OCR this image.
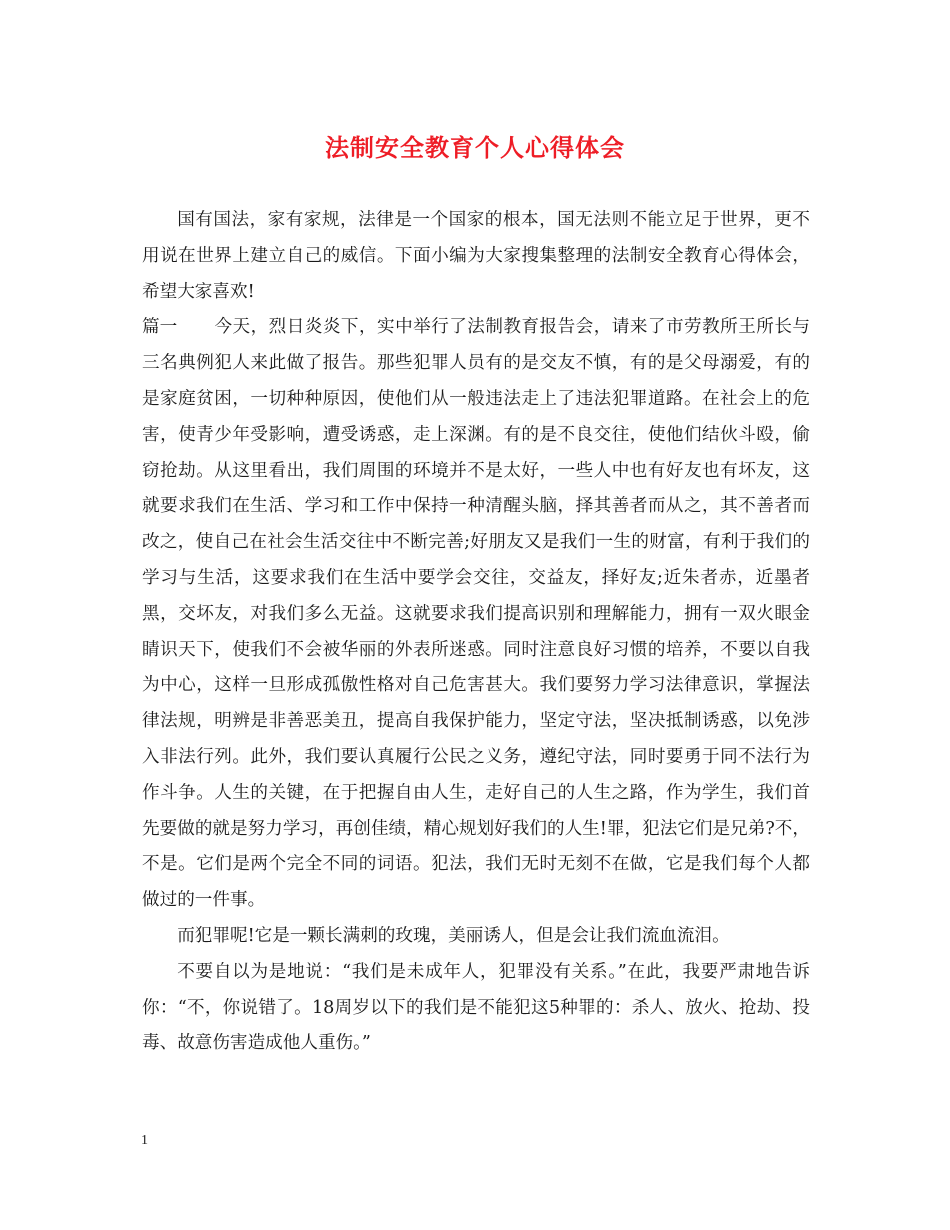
法制安全教育个人心得体会

国有国法，家有家规，法律是一个国家的根本，国无法则不能立足于世界，更不用说在世界上建立自己的威信。下面小编为大家搜集整理的法制安全教育心得体会，希望大家喜欢!

篇一 今天，烈日炎炎下，实中举行了法制教育报告会，请来了市劳教所王所长与三名典例犯人来此做了报告。那些犯罪人员有的是交友不慎，有的是父母溺爱，有的是家庭贫困，一切种种原因，使他们从一般违法走上了违法犯罪道路。在社会上的危害，使青少年受影响，遭受诱惑，走上深渊。有的是不良交往，使他们结伙斗殴，偷窃抢劫。从这里看出，我们周围的环境并不是太好，一些人中也有好友也有坏友，这就要求我们在生活、学习和工作中保持一种清醒头脑，择其善者而从之，其不善者而改之，使自己在社会生活交往中不断完善;好朋友又是我们一生的财富，有利于我们的学习与生活，这要求我们在生活中要学会交往，交益友，择好友;近朱者赤，近墨者黑，交坏友，对我们多么无益。这就要求我们提高识别和理解能力，拥有一双火眼金睛识天下，使我们不会被华丽的外表所迷惑。同时注意良好习惯的培养，不要以自我为中心，这样一旦形成孤傲性格对自己危害甚大。我们要努力学习法律意识，掌握法律法规，明辨是非善恶美丑，提高自我保护能力，坚定守法，坚决抵制诱惑，以免涉入非法行列。此外，我们要认真履行公民之义务，遵纪守法，同时要勇于同不法行为作斗争。人生的关键，在于把握自由人生，走好自己的人生之路，作为学生，我们首先要做的就是努力学习，再创佳绩，精心规划好我们的人生!罪，犯法它们是兄弟?不，不是。它们是两个完全不同的词语。犯法，我们无时无刻不在做，它是我们每个人都做过的一件事。

而犯罪呢!它是一颗长满刺的玫瑰，美丽诱人，但是会让我们流血流泪。

不要自以为是地说：“我们是未成年人，犯罪没有关系。”在此，我要严肃地告诉你：“不，你说错了。18周岁以下的我们是不能犯这5种罪的：杀人、放火、抢劫、投毒、故意伤害造成他人重伤。”

1
